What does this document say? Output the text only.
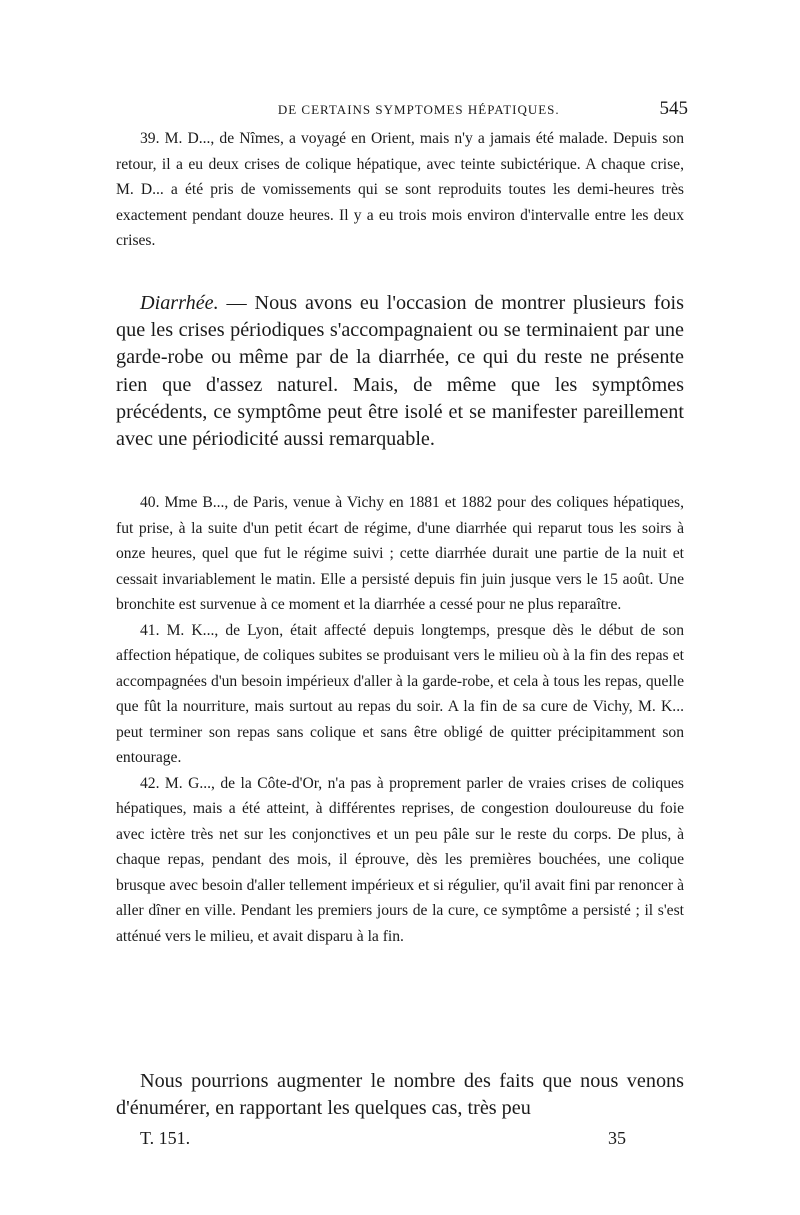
DE CERTAINS SYMPTOMES HÉPATIQUES.	545

39. M. D..., de Nîmes, a voyagé en Orient, mais n'y a jamais été malade. Depuis son retour, il a eu deux crises de colique hépatique, avec teinte subictérique. A chaque crise, M. D... a été pris de vomissements qui se sont reproduits toutes les demi-heures très exactement pendant douze heures. Il y a eu trois mois environ d'intervalle entre les deux crises.

Diarrhée. — Nous avons eu l'occasion de montrer plusieurs fois que les crises périodiques s'accompagnaient ou se terminaient par une garde-robe ou même par de la diarrhée, ce qui du reste ne présente rien que d'assez naturel. Mais, de même que les symptômes précédents, ce symptôme peut être isolé et se manifester pareillement avec une périodicité aussi remarquable.

40. Mme B..., de Paris, venue à Vichy en 1881 et 1882 pour des coliques hépatiques, fut prise, à la suite d'un petit écart de régime, d'une diarrhée qui reparut tous les soirs à onze heures, quel que fut le régime suivi ; cette diarrhée durait une partie de la nuit et cessait invariablement le matin. Elle a persisté depuis fin juin jusque vers le 15 août. Une bronchite est survenue à ce moment et la diarrhée a cessé pour ne plus reparaître.

41. M. K..., de Lyon, était affecté depuis longtemps, presque dès le début de son affection hépatique, de coliques subites se produisant vers le milieu où à la fin des repas et accompagnées d'un besoin impérieux d'aller à la garde-robe, et cela à tous les repas, quelle que fût la nourriture, mais surtout au repas du soir. A la fin de sa cure de Vichy, M. K... peut terminer son repas sans colique et sans être obligé de quitter précipitamment son entourage.

42. M. G..., de la Côte-d'Or, n'a pas à proprement parler de vraies crises de coliques hépatiques, mais a été atteint, à différentes reprises, de congestion douloureuse du foie avec ictère très net sur les conjonctives et un peu pâle sur le reste du corps. De plus, à chaque repas, pendant des mois, il éprouve, dès les premières bouchées, une colique brusque avec besoin d'aller tellement impérieux et si régulier, qu'il avait fini par renoncer à aller dîner en ville. Pendant les premiers jours de la cure, ce symptôme a persisté ; il s'est atténué vers le milieu, et avait disparu à la fin.

Nous pourrions augmenter le nombre des faits que nous venons d'énumérer, en rapportant les quelques cas, très peu

T. 151.	35
